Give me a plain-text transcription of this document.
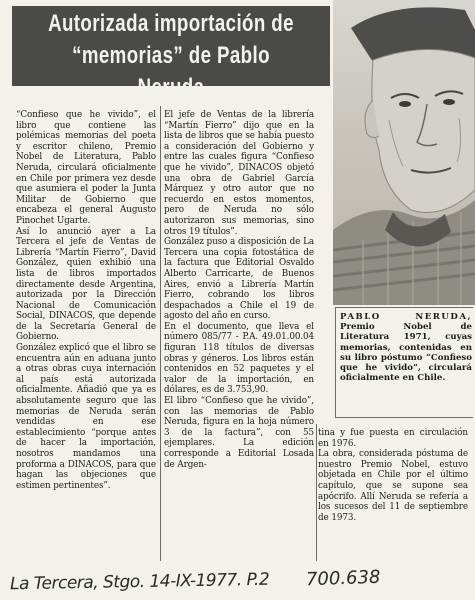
Autorizada importación de
“memorias” de Pablo Neruda
PABLO NERUDA, Premio Nobel de Literatura 1971, cuyas memorias, contenidas en su libro póstumo “Confieso que he vivido”, circulará oficialmente en Chile.
“Confieso que he vivido”, el libro que contiene las polémicas memorias del poeta y escritor chileno, Premio Nobel de Literatura, Pablo Neruda, circulará oficialmente en Chile por primera vez desde que asumiera el poder la Junta Militar de Gobierno que encabeza el general Augusto Pinochet Ugarte.
Así lo anunció ayer a La Tercera el jefe de Ventas de Librería “Martín Fierro”, David González, quien exhibió una lista de libros importados directamente desde Argentina, autorizada por la Dirección Nacional de Comunicación Social, DINACOS, que depende de la Secretaría General de Gobierno.
González explicó que el libro se encuentra aún en aduana junto a otras obras cuya internación al país está autorizada oficialmente. Añadió que ya es absolutamente seguro que las memorias de Neruda serán vendidas en ese establecimiento “porque antes de hacer la importación, nosotros mandamos una proforma a DINACOS, para que hagan las objeciones que estimen pertinentes”.
El jefe de Ventas de la librería “Martín Fierro” dijo que en la lista de libros que se había puesto a consideración del Gobierno y entre las cuales figura “Confieso que he vivido”, DINACOS objetó una obra de Gabriel García Márquez y otro autor que no recuerdo en estos momentos, pero de Neruda no sólo autorizaron sus memorias, sino otros 19 títulos”.
González puso a disposición de La Tercera una copia fotostática de la factura que Editorial Osvaldo Alberto Carricarte, de Buenos Aires, envió a Librería Martín Fierro, cobrando los libros despachados a Chile el 19 de agosto del año en curso.
En el documento, que lleva el número 085/77 - P.A. 49.01.00.04 figuran 118 títulos de diversas obras y géneros. Los libros están contenidos en 52 paquetes y el valor de la importación, en dólares, es de 3.753,90.
El libro “Confieso que he vivido”, con las memorias de Pablo Neruda, figura en la hoja número 3 de la factura”, con 55 ejemplares. La edición corresponde a Editorial Losada de Argen-
tina y fue puesta en circulación en 1976.
La obra, considerada póstuma de nuestro Premio Nobel, estuvo objetada en Chile por el último capítulo, que se supone sea apócrifo. Allí Neruda se refería a los sucesos del 11 de septiembre de 1973.
La Tercera, Stgo. 14-IX-1977. P.2 700.638
